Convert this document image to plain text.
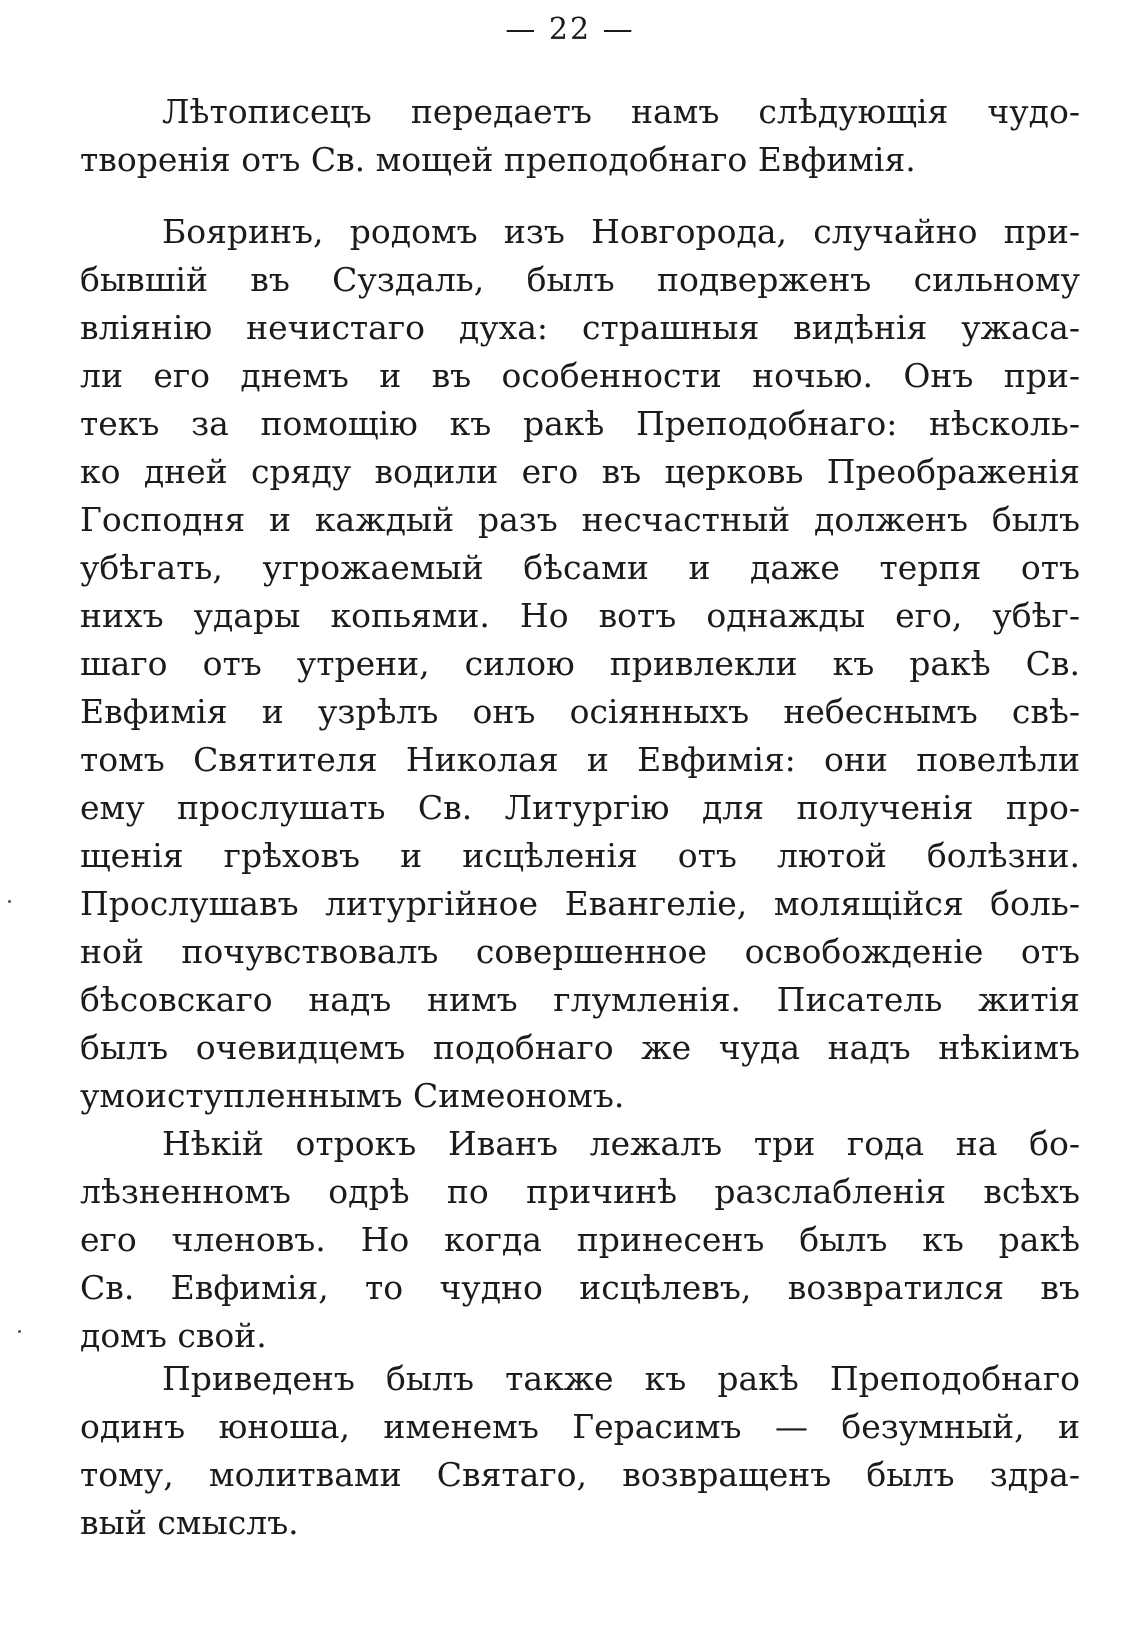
— 22 —
Лѣтописецъ передаетъ намъ слѣдующія чудо-
творенія отъ Св. мощей преподобнаго Евфимія.
Бояринъ, родомъ изъ Новгорода, случайно при-
бывшій въ Суздаль, былъ подверженъ сильному
вліянію нечистаго духа: страшныя видѣнія ужаса-
ли его днемъ и въ особенности ночью. Онъ при-
текъ за помощію къ ракѣ Преподобнаго: нѣсколь-
ко дней сряду водили его въ церковь Преображенія
Господня и каждый разъ несчастный долженъ былъ
убѣгать, угрожаемый бѣсами и даже терпя отъ
нихъ удары копьями. Но вотъ однажды его, убѣг-
шаго отъ утрени, силою привлекли къ ракѣ Св.
Евфимія и узрѣлъ онъ осіянныхъ небеснымъ свѣ-
томъ Святителя Николая и Евфимія: они повелѣли
ему прослушать Св. Литургію для полученія про-
щенія грѣховъ и исцѣленія отъ лютой болѣзни.
Прослушавъ литургійное Евангеліе, молящійся боль-
ной почувствовалъ совершенное освобожденіе отъ
бѣсовскаго надъ нимъ глумленія. Писатель житія
былъ очевидцемъ подобнаго же чуда надъ нѣкіимъ
умоиступленнымъ Симеономъ.
Нѣкій отрокъ Иванъ лежалъ три года на бо-
лѣзненномъ одрѣ по причинѣ разслабленія всѣхъ
его членовъ. Но когда принесенъ былъ къ ракѣ
Св. Евфимія, то чудно исцѣлевъ, возвратился въ
домъ свой.
Приведенъ былъ также къ ракѣ Преподобнаго
одинъ юноша, именемъ Герасимъ — безумный, и
тому, молитвами Святаго, возвращенъ былъ здра-
вый смыслъ.
